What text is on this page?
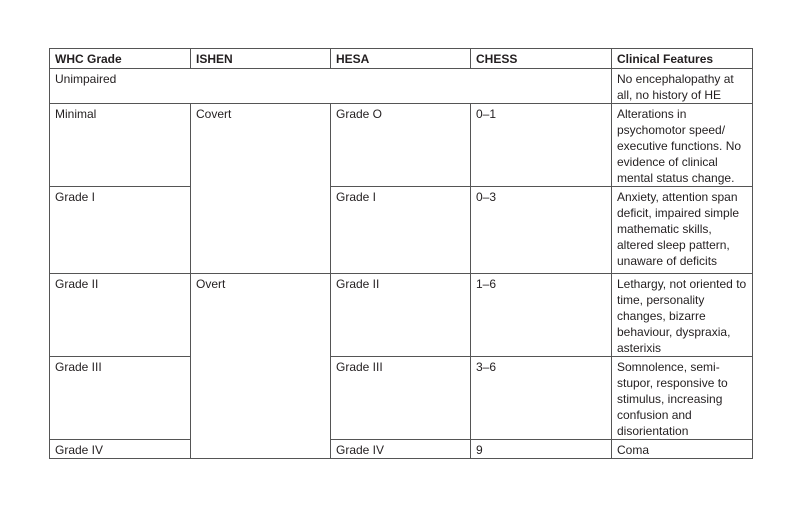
WHC Grade	ISHEN	HESA	CHESS	Clinical Features
Unimpaired				No encephalopathy at all, no history of HE
Minimal	Covert	Grade O	0–1	Alterations in psychomotor speed/ executive functions. No evidence of clinical mental status change.
Grade I		Grade I	0–3	Anxiety, attention span deficit, impaired simple mathematic skills, altered sleep pattern, unaware of deficits
Grade II	Overt	Grade II	1–6	Lethargy, not oriented to time, personality changes, bizarre behaviour, dyspraxia, asterixis
Grade III		Grade III	3–6	Somnolence, semi-stupor, responsive to stimulus, increasing confusion and disorientation
Grade IV		Grade IV	9	Coma
